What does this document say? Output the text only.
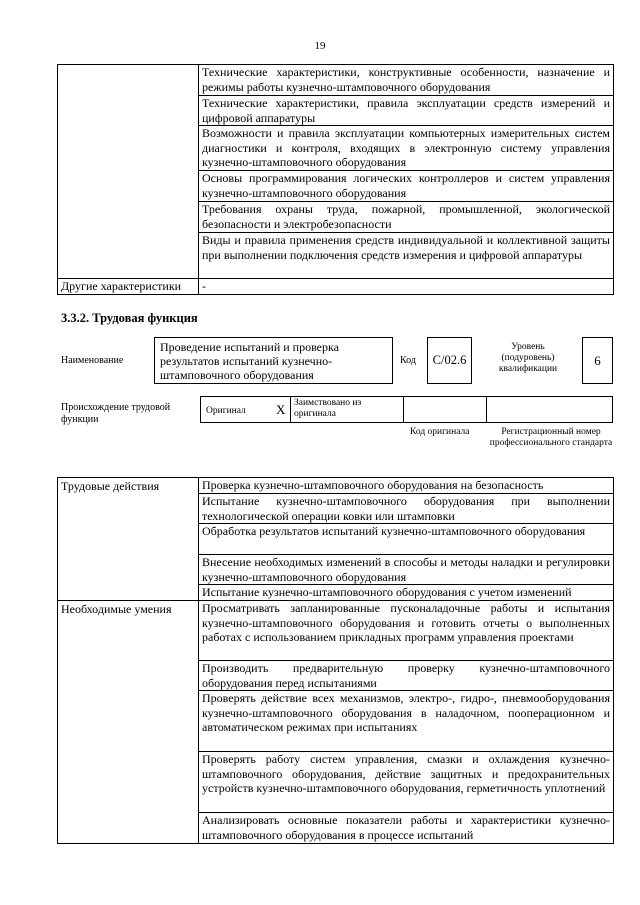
19
	Технические характеристики, конструктивные особенности, назначение и режимы работы кузнечно-штамповочного оборудования
	Технические характеристики, правила эксплуатации средств измерений и цифровой аппаратуры
	Возможности и правила эксплуатации компьютерных измерительных систем диагностики и контроля, входящих в электронную систему управления кузнечно-штамповочного оборудования
	Основы программирования логических контроллеров и систем управления кузнечно-штамповочного оборудования
	Требования охраны труда, пожарной, промышленной, экологической безопасности и электробезопасности
	Виды и правила применения средств индивидуальной и коллективной защиты при выполнении подключения средств измерения и цифровой аппаратуры
Другие характеристики	-
3.3.2. Трудовая функция
Наименование
Проведение испытаний и проверка результатов испытаний кузнечно-штамповочного оборудования
Код С/02.6
Уровень (подуровень) квалификации
6
Происхождение трудовой функции
Оригинал X Заимствовано из оригинала
Код оригинала	Регистрационный номер профессионального стандарта
Трудовые действия	Проверка кузнечно-штамповочного оборудования на безопасность
	Испытание кузнечно-штамповочного оборудования при выполнении технологической операции ковки или штамповки
	Обработка результатов испытаний кузнечно-штамповочного оборудования
	Внесение необходимых изменений в способы и методы наладки и регулировки кузнечно-штамповочного оборудования
	Испытание кузнечно-штамповочного оборудования с учетом изменений
Необходимые умения	Просматривать запланированные пусконаладочные работы и испытания кузнечно-штамповочного оборудования и готовить отчеты о выполненных работах с использованием прикладных программ управления проектами
	Производить предварительную проверку кузнечно-штамповочного оборудования перед испытаниями
	Проверять действие всех механизмов, электро-, гидро-, пневмооборудования кузнечно-штамповочного оборудования в наладочном, пооперационном и автоматическом режимах при испытаниях
	Проверять работу систем управления, смазки и охлаждения кузнечно-штамповочного оборудования, действие защитных и предохранительных устройств кузнечно-штамповочного оборудования, герметичность уплотнений
	Анализировать основные показатели работы и характеристики кузнечно-штамповочного оборудования в процессе испытаний
